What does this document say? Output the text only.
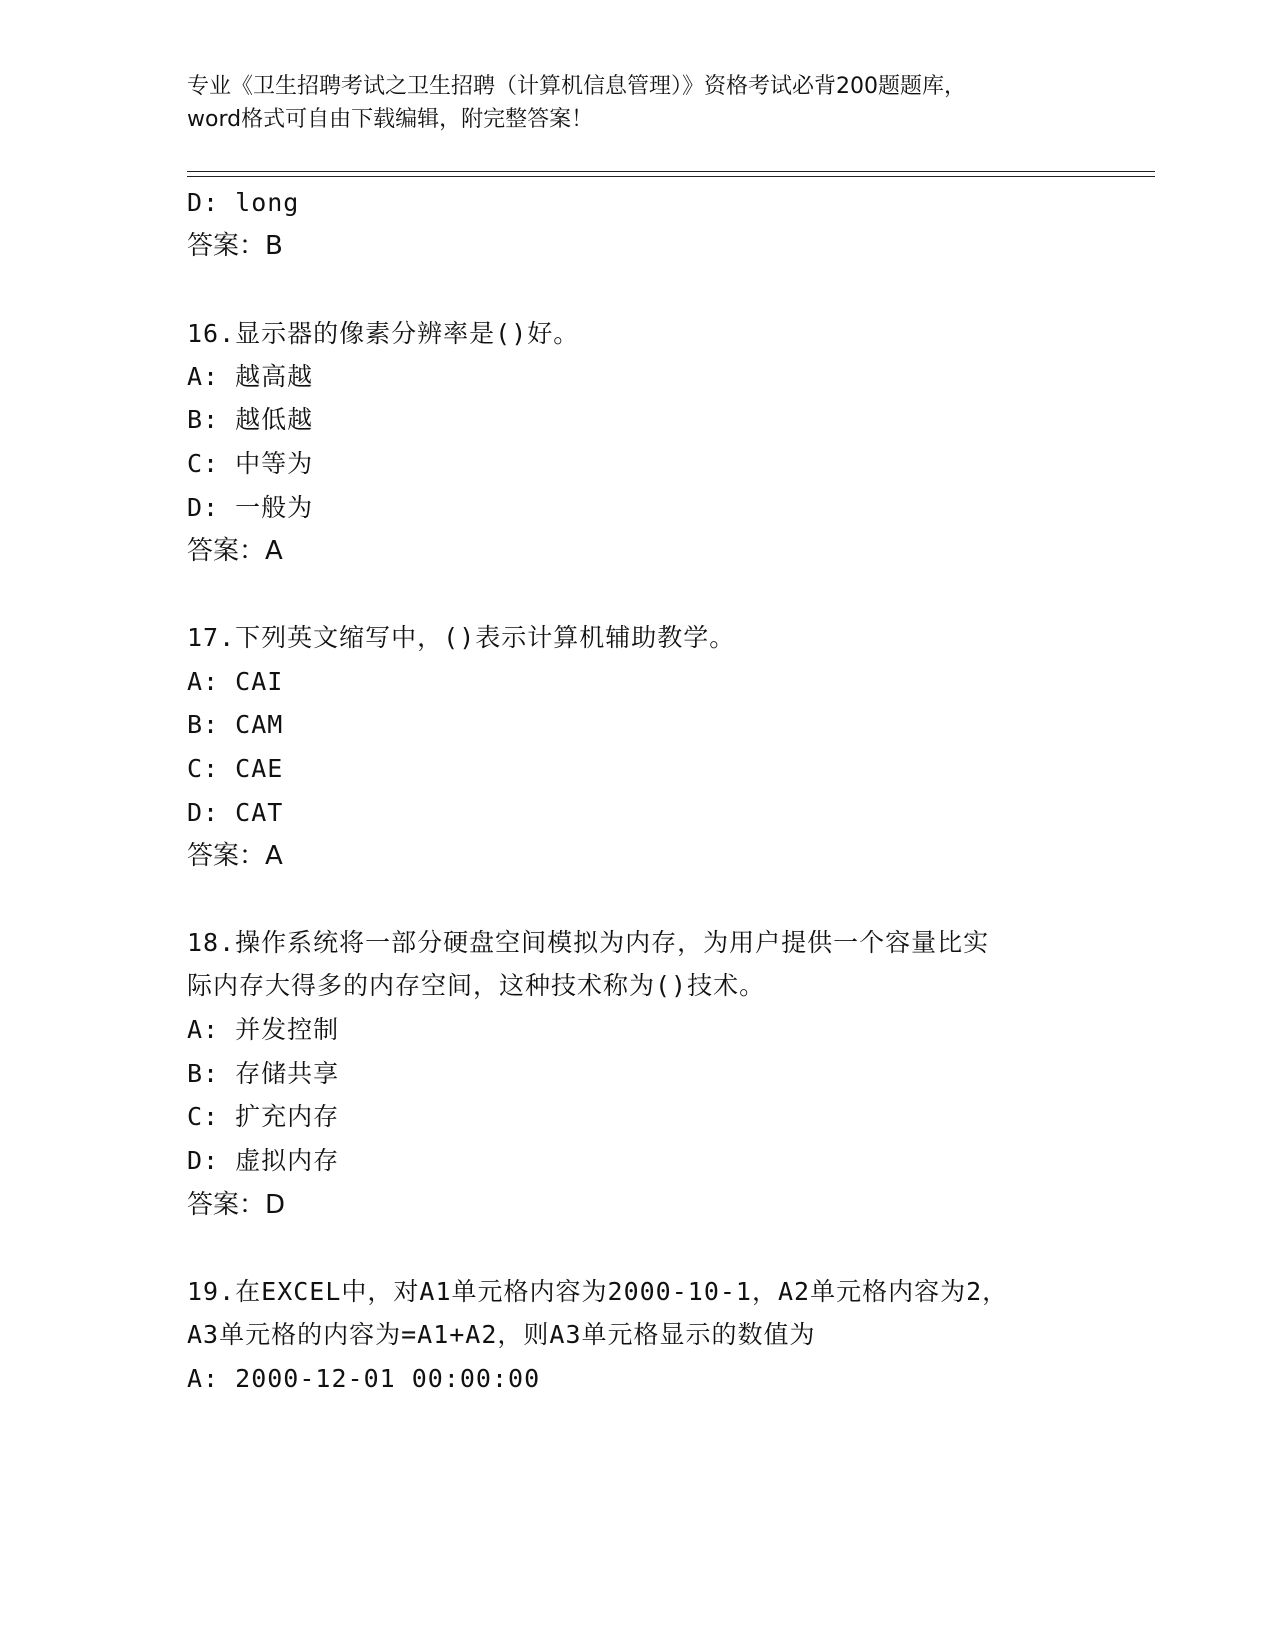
专业《卫生招聘考试之卫生招聘（计算机信息管理）》资格考试必背200题题库，
word格式可自由下载编辑，附完整答案！
D: long
答案：B
16.显示器的像素分辨率是()好。
A: 越高越
B: 越低越
C: 中等为
D: 一般为
答案：A
17.下列英文缩写中，()表示计算机辅助教学。
A: CAI
B: CAM
C: CAE
D: CAT
答案：A
18.操作系统将一部分硬盘空间模拟为内存，为用户提供一个容量比实
际内存大得多的内存空间，这种技术称为()技术。
A: 并发控制
B: 存储共享
C: 扩充内存
D: 虚拟内存
答案：D
19.在EXCEL中，对A1单元格内容为2000-10-1，A2单元格内容为2，
A3单元格的内容为=A1+A2，则A3单元格显示的数值为
A: 2000-12-01 00:00:00
